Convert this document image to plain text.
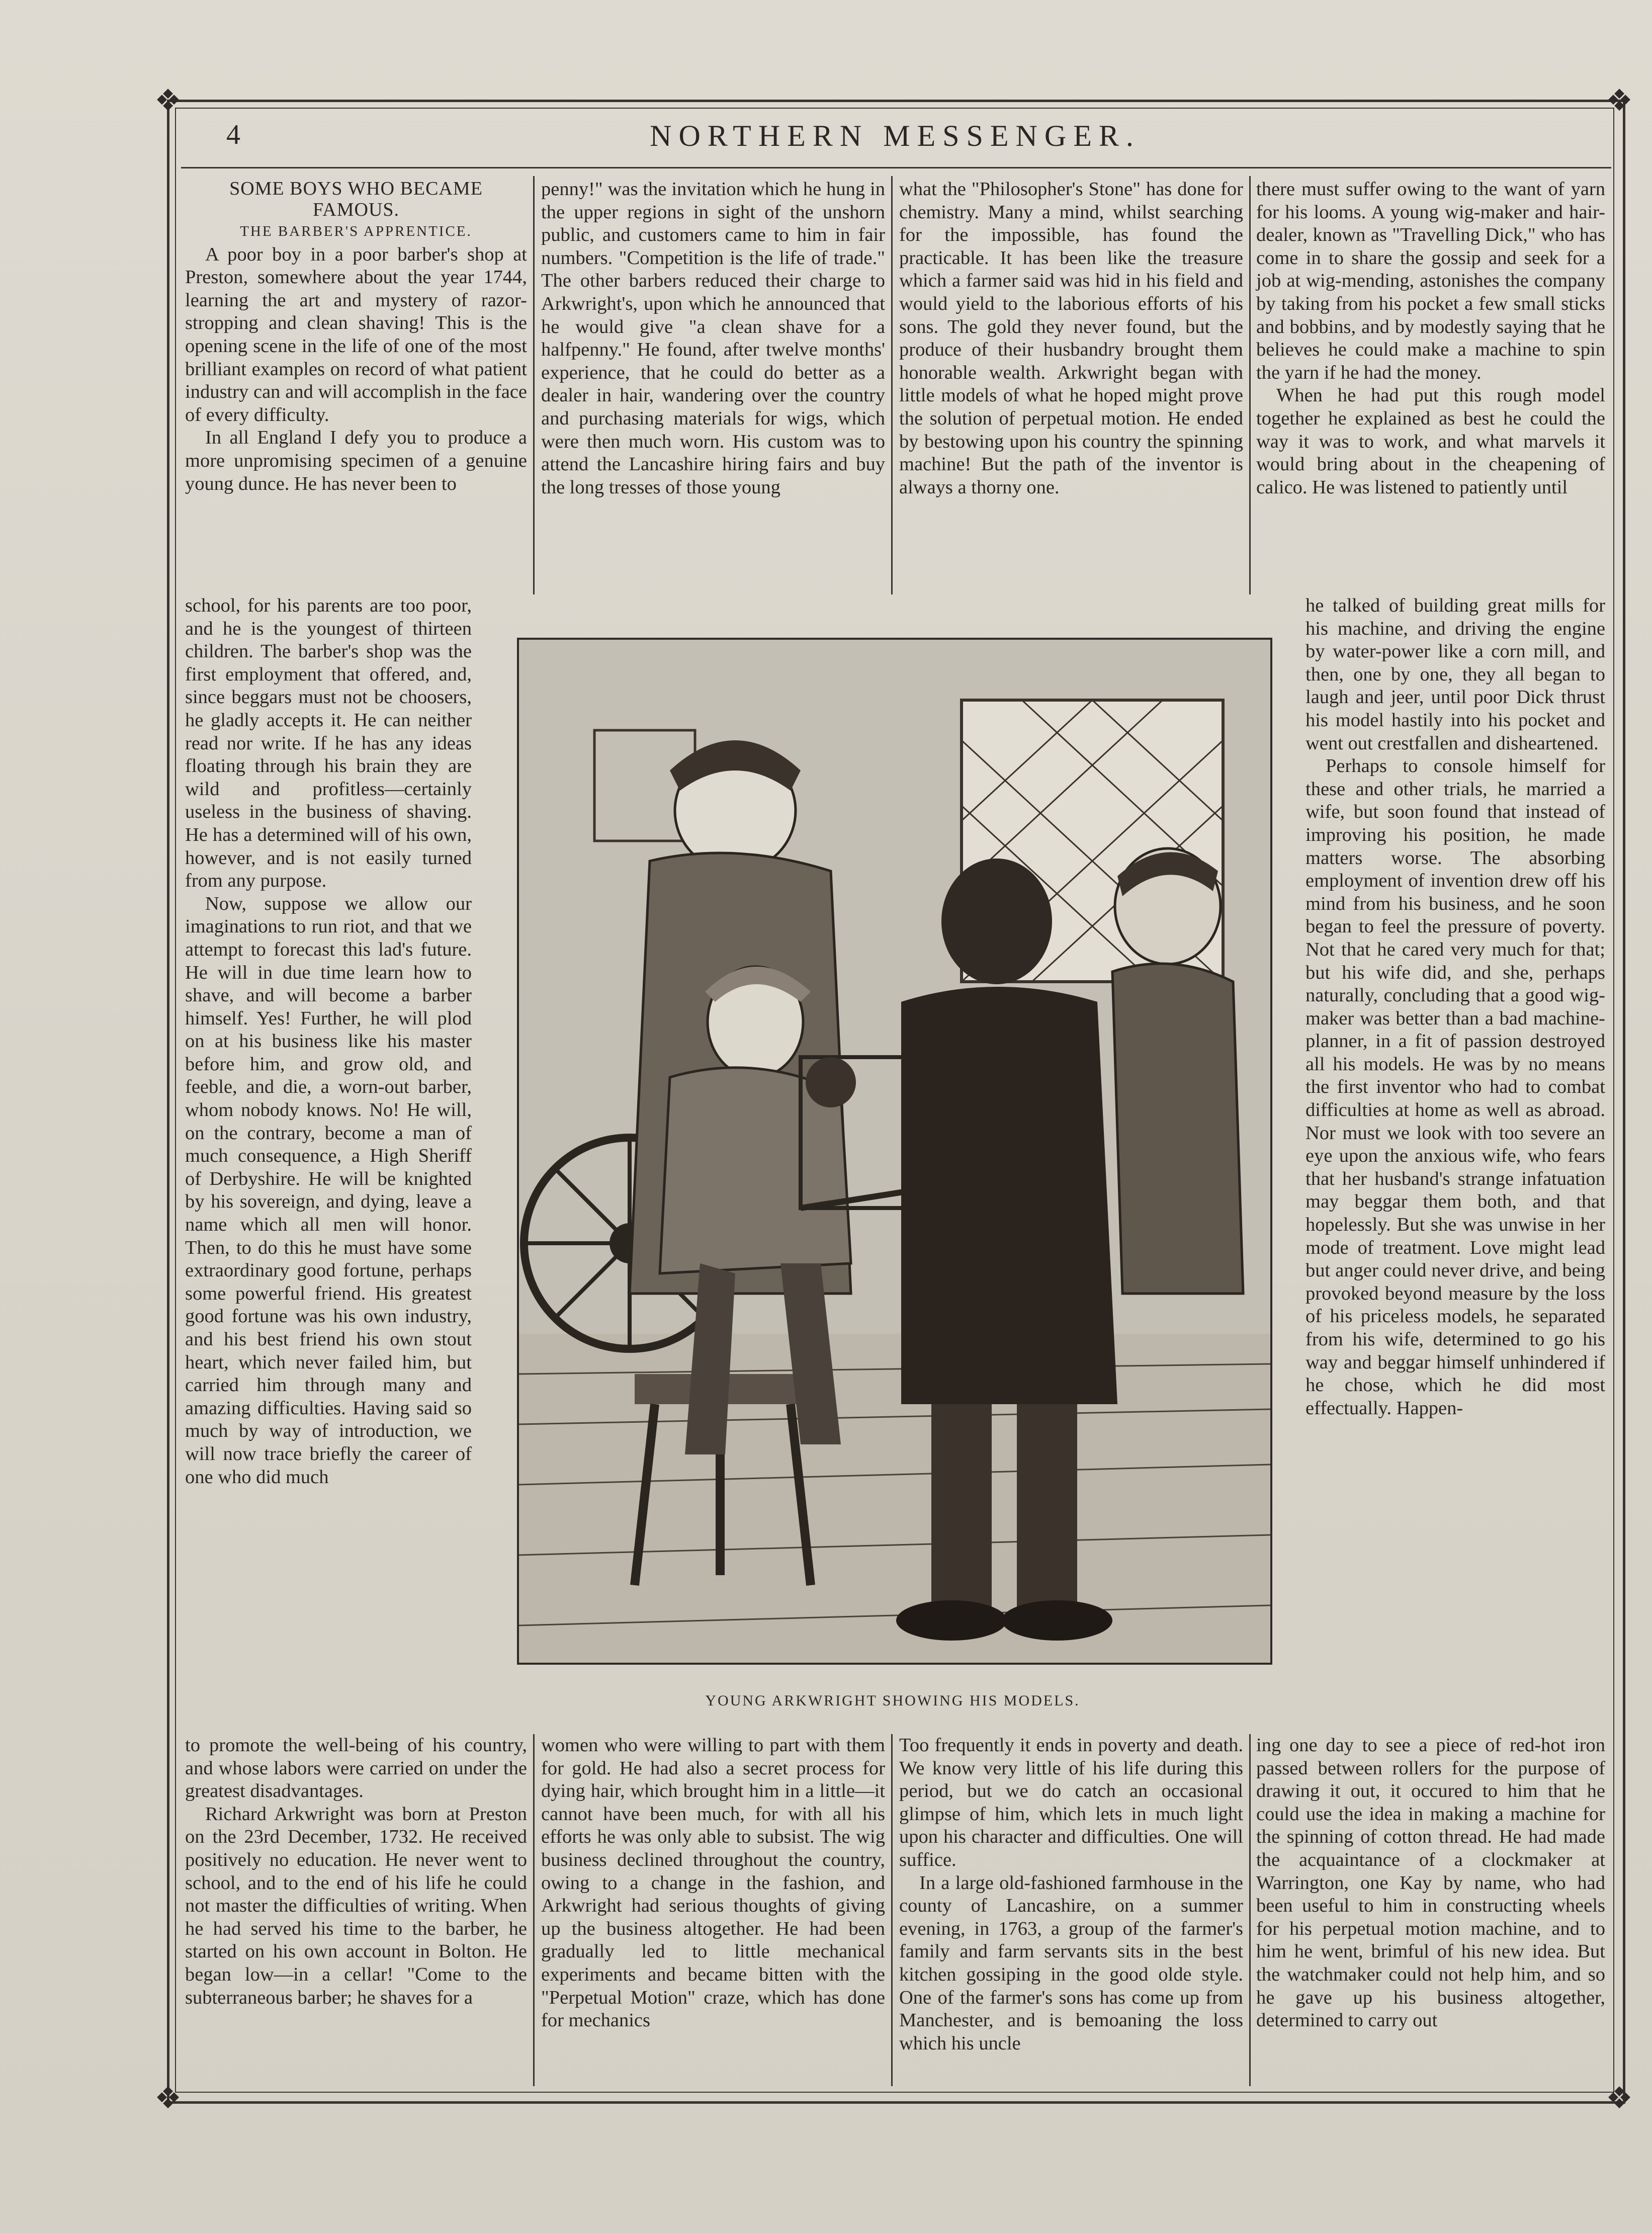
❖	❖
❖	❖
4	NORTHERN MESSENGER.

SOME BOYS WHO BECAME FAMOUS.

THE BARBER'S APPRENTICE.

A poor boy in a poor barber's shop at Preston, somewhere about the year 1744, learning the art and mystery of razor-stropping and clean shaving! This is the opening scene in the life of one of the most brilliant examples on record of what patient industry can and will accomplish in the face of every difficulty.

In all England I defy you to produce a more unpromising specimen of a genuine young dunce. He has never been to

school, for his parents are too poor, and he is the youngest of thirteen children. The barber's shop was the first employment that offered, and, since beggars must not be choosers, he gladly accepts it. He can neither read nor write. If he has any ideas floating through his brain they are wild and profitless—certainly useless in the business of shaving. He has a determined will of his own, however, and is not easily turned from any purpose.

Now, suppose we allow our imaginations to run riot, and that we attempt to forecast this lad's future. He will in due time learn how to shave, and will become a barber himself. Yes! Further, he will plod on at his business like his master before him, and grow old, and feeble, and die, a worn-out barber, whom nobody knows. No! He will, on the contrary, become a man of much consequence, a High Sheriff of Derbyshire. He will be knighted by his sovereign, and dying, leave a name which all men will honor. Then, to do this he must have some extraordinary good fortune, perhaps some powerful friend. His greatest good fortune was his own industry, and his best friend his own stout heart, which never failed him, but carried him through many and amazing difficulties. Having said so much by way of introduction, we will now trace briefly the career of one who did much

to promote the well-being of his country, and whose labors were carried on under the greatest disadvantages.

Richard Arkwright was born at Preston on the 23rd December, 1732. He received positively no education. He never went to school, and to the end of his life he could not master the difficulties of writing. When he had served his time to the barber, he started on his own account in Bolton. He began low—in a cellar! "Come to the subterraneous barber; he shaves for a

penny!" was the invitation which he hung in the upper regions in sight of the unshorn public, and customers came to him in fair numbers. "Competition is the life of trade." The other barbers reduced their charge to Arkwright's, upon which he announced that he would give "a clean shave for a halfpenny." He found, after twelve months' experience, that he could do better as a dealer in hair, wandering over the country and purchasing materials for wigs, which were then much worn. His custom was to attend the Lancashire hiring fairs and buy the long tresses of those young

women who were willing to part with them for gold. He had also a secret process for dying hair, which brought him in a little—it cannot have been much, for with all his efforts he was only able to subsist. The wig business declined throughout the country, owing to a change in the fashion, and Arkwright had serious thoughts of giving up the business altogether. He had been gradually led to little mechanical experiments and became bitten with the "Perpetual Motion" craze, which has done for mechanics

what the "Philosopher's Stone" has done for chemistry. Many a mind, whilst searching for the impossible, has found the practicable. It has been like the treasure which a farmer said was hid in his field and would yield to the laborious efforts of his sons. The gold they never found, but the produce of their husbandry brought them honorable wealth. Arkwright began with little models of what he hoped might prove the solution of perpetual motion. He ended by bestowing upon his country the spinning machine! But the path of the inventor is always a thorny one.

Too frequently it ends in poverty and death. We know very little of his life during this period, but we do catch an occasional glimpse of him, which lets in much light upon his character and difficulties. One will suffice.

In a large old-fashioned farmhouse in the county of Lancashire, on a summer evening, in 1763, a group of the farmer's family and farm servants sits in the best kitchen gossiping in the good olde style. One of the farmer's sons has come up from Manchester, and is bemoaning the loss which his uncle

there must suffer owing to the want of yarn for his looms. A young wig-maker and hair-dealer, known as "Travelling Dick," who has come in to share the gossip and seek for a job at wig-mending, astonishes the company by taking from his pocket a few small sticks and bobbins, and by modestly saying that he believes he could make a machine to spin the yarn if he had the money.

When he had put this rough model together he explained as best he could the way it was to work, and what marvels it would bring about in the cheapening of calico. He was listened to patiently until

he talked of building great mills for his machine, and driving the engine by water-power like a corn mill, and then, one by one, they all began to laugh and jeer, until poor Dick thrust his model hastily into his pocket and went out crestfallen and disheartened.

Perhaps to console himself for these and other trials, he married a wife, but soon found that instead of improving his position, he made matters worse. The absorbing employment of invention drew off his mind from his business, and he soon began to feel the pressure of poverty. Not that he cared very much for that; but his wife did, and she, perhaps naturally, concluding that a good wig-maker was better than a bad machine-planner, in a fit of passion destroyed all his models. He was by no means the first inventor who had to combat difficulties at home as well as abroad. Nor must we look with too severe an eye upon the anxious wife, who fears that her husband's strange infatuation may beggar them both, and that hopelessly. But she was unwise in her mode of treatment. Love might lead but anger could never drive, and being provoked beyond measure by the loss of his priceless models, he separated from his wife, determined to go his way and beggar himself unhindered if he chose, which he did most effectually. Happen-

ing one day to see a piece of red-hot iron passed between rollers for the purpose of drawing it out, it occured to him that he could use the idea in making a machine for the spinning of cotton thread. He had made the acquaintance of a clockmaker at Warrington, one Kay by name, who had been useful to him in constructing wheels for his perpetual motion machine, and to him he went, brimful of his new idea. But the watchmaker could not help him, and so he gave up his business altogether, determined to carry out

YOUNG ARKWRIGHT SHOWING HIS MODELS.
